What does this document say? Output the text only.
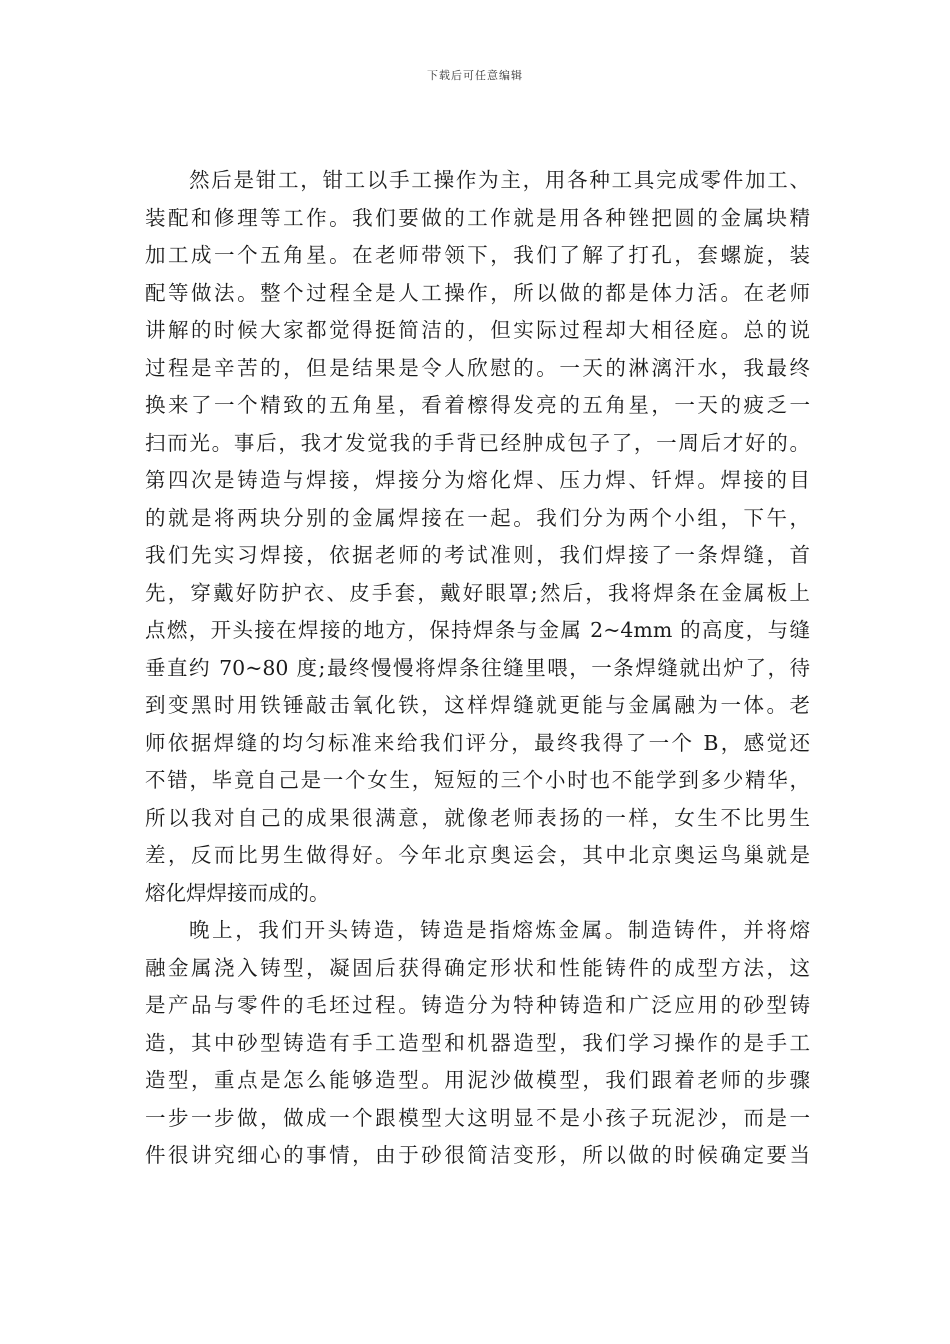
下载后可任意编辑
然后是钳工，钳工以手工操作为主，用各种工具完成零件加工、
装配和修理等工作。我们要做的工作就是用各种锉把圆的金属块精
加工成一个五角星。在老师带领下，我们了解了打孔，套螺旋，装
配等做法。整个过程全是人工操作，所以做的都是体力活。在老师
讲解的时候大家都觉得挺简洁的，但实际过程却大相径庭。总的说
过程是辛苦的，但是结果是令人欣慰的。一天的淋漓汗水，我最终
换来了一个精致的五角星，看着檫得发亮的五角星，一天的疲乏一
扫而光。事后，我才发觉我的手背已经肿成包子了，一周后才好的。
第四次是铸造与焊接，焊接分为熔化焊、压力焊、钎焊。焊接的目
的就是将两块分别的金属焊接在一起。我们分为两个小组，下午，
我们先实习焊接，依据老师的考试准则，我们焊接了一条焊缝，首
先，穿戴好防护衣、皮手套，戴好眼罩;然后，我将焊条在金属板上
点燃，开头接在焊接的地方，保持焊条与金属 2~4mm 的高度，与缝
垂直约 70~80 度;最终慢慢将焊条往缝里喂，一条焊缝就出炉了，待
到变黑时用铁锤敲击氧化铁，这样焊缝就更能与金属融为一体。老
师依据焊缝的均匀标准来给我们评分，最终我得了一个 B，感觉还
不错，毕竟自己是一个女生，短短的三个小时也不能学到多少精华，
所以我对自己的成果很满意，就像老师表扬的一样，女生不比男生
差，反而比男生做得好。今年北京奥运会，其中北京奥运鸟巢就是
熔化焊焊接而成的。
晚上，我们开头铸造，铸造是指熔炼金属。制造铸件，并将熔
融金属浇入铸型，凝固后获得确定形状和性能铸件的成型方法，这
是产品与零件的毛坯过程。铸造分为特种铸造和广泛应用的砂型铸
造，其中砂型铸造有手工造型和机器造型，我们学习操作的是手工
造型，重点是怎么能够造型。用泥沙做模型，我们跟着老师的步骤
一步一步做，做成一个跟模型大这明显不是小孩子玩泥沙，而是一
件很讲究细心的事情，由于砂很简洁变形，所以做的时候确定要当
